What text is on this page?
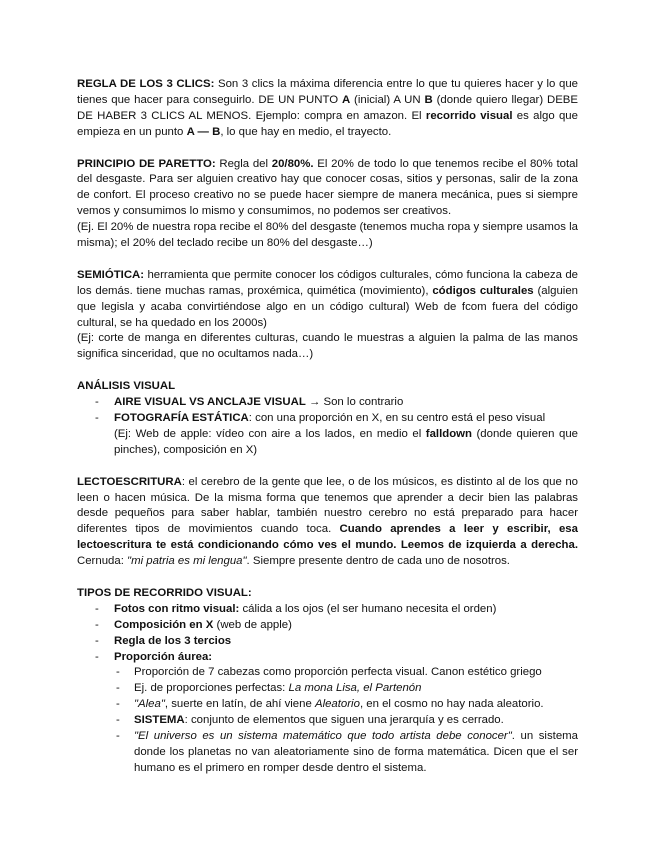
REGLA DE LOS 3 CLICS: Son 3 clics la máxima diferencia entre lo que tu quieres hacer y lo que tienes que hacer para conseguirlo. DE UN PUNTO A (inicial) A UN B (donde quiero llegar) DEBE DE HABER 3 CLICS AL MENOS. Ejemplo: compra en amazon. El recorrido visual es algo que empieza en un punto A — B, lo que hay en medio, el trayecto.

PRINCIPIO DE PARETTO: Regla del 20/80%. El 20% de todo lo que tenemos recibe el 80% total del desgaste. Para ser alguien creativo hay que conocer cosas, sitios y personas, salir de la zona de confort. El proceso creativo no se puede hacer siempre de manera mecánica, pues si siempre vemos y consumimos lo mismo y consumimos, no podemos ser creativos.

(Ej. El 20% de nuestra ropa recibe el 80% del desgaste (tenemos mucha ropa y siempre usamos la misma); el 20% del teclado recibe un 80% del desgaste…)

SEMIÓTICA: herramienta que permite conocer los códigos culturales, cómo funciona la cabeza de los demás. tiene muchas ramas, proxémica, quimética (movimiento), códigos culturales (alguien que legisla y acaba convirtiéndose algo en un código cultural) Web de fcom fuera del código cultural, se ha quedado en los 2000s)

(Ej: corte de manga en diferentes culturas, cuando le muestras a alguien la palma de las manos significa sinceridad, que no ocultamos nada…)

ANÁLISIS VISUAL

- AIRE VISUAL VS ANCLAJE VISUAL → Son lo contrario
- FOTOGRAFÍA ESTÁTICA: con una proporción en X, en su centro está el peso visual
(Ej: Web de apple: vídeo con aire a los lados, en medio el falldown (donde quieren que pinches), composición en X)

LECTOESCRITURA: el cerebro de la gente que lee, o de los músicos, es distinto al de los que no leen o hacen música. De la misma forma que tenemos que aprender a decir bien las palabras desde pequeños para saber hablar, también nuestro cerebro no está preparado para hacer diferentes tipos de movimientos cuando toca. Cuando aprendes a leer y escribir, esa lectoescritura te está condicionando cómo ves el mundo. Leemos de izquierda a derecha. Cernuda: "mi patria es mi lengua". Siempre presente dentro de cada uno de nosotros.

TIPOS DE RECORRIDO VISUAL:

- Fotos con ritmo visual: cálida a los ojos (el ser humano necesita el orden)
- Composición en X (web de apple)
- Regla de los 3 tercios
- Proporción áurea:
- Proporción de 7 cabezas como proporción perfecta visual. Canon estético griego
- Ej. de proporciones perfectas: La mona Lisa, el Partenón
- "Alea", suerte en latín, de ahí viene Aleatorio, en el cosmo no hay nada aleatorio.
- SISTEMA: conjunto de elementos que siguen una jerarquía y es cerrado.
- "El universo es un sistema matemático que todo artista debe conocer". un sistema donde los planetas no van aleatoriamente sino de forma matemática. Dicen que el ser humano es el primero en romper desde dentro el sistema.
